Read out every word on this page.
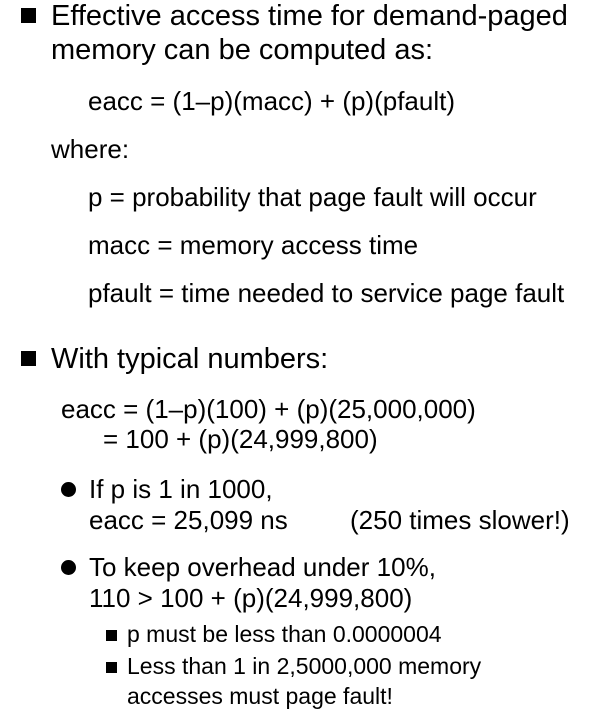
Effective access time for demand-paged
memory can be computed as:
eacc = (1–p)(macc) + (p)(pfault)
where:
p = probability that page fault will occur
macc = memory access time
pfault = time needed to service page fault
With typical numbers:
eacc = (1–p)(100) + (p)(25,000,000)
= 100 + (p)(24,999,800)
If p is 1 in 1000,
eacc = 25,099 ns (250 times slower!)
To keep overhead under 10%,
110 > 100 + (p)(24,999,800)
p must be less than 0.0000004
Less than 1 in 2,5000,000 memory
accesses must page fault!
